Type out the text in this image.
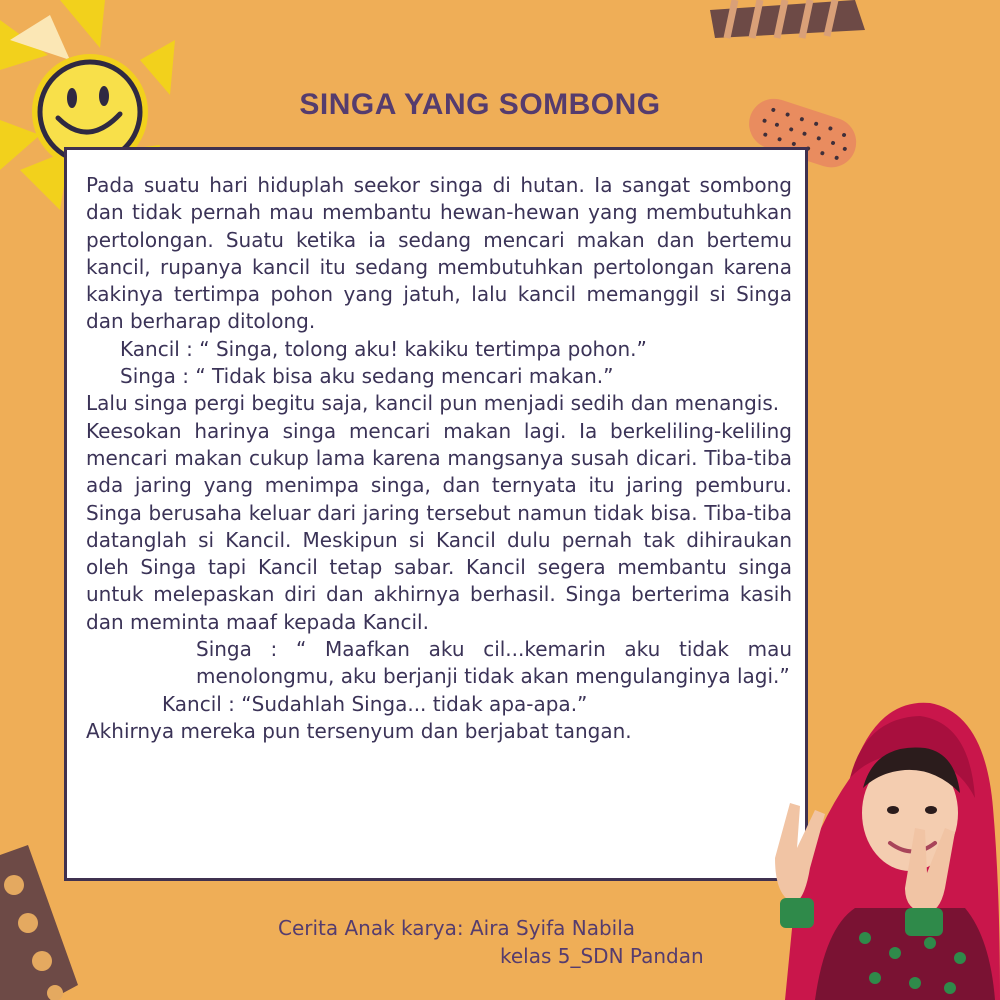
SINGA YANG SOMBONG

Pada suatu hari hiduplah seekor singa di hutan. Ia sangat sombong dan tidak pernah mau membantu hewan-hewan yang membutuhkan pertolongan. Suatu ketika ia sedang mencari makan dan bertemu kancil, rupanya kancil itu sedang membutuhkan pertolongan karena kakinya tertimpa pohon yang jatuh, lalu kancil memanggil si Singa dan berharap ditolong.

Kancil : “ Singa, tolong aku! kakiku tertimpa pohon.”

Singa : “ Tidak bisa aku sedang mencari makan.”

Lalu singa pergi begitu saja, kancil pun menjadi sedih dan menangis.

Keesokan harinya singa mencari makan lagi. Ia berkeliling-keliling mencari makan cukup lama karena mangsanya susah dicari. Tiba-tiba ada jaring yang menimpa singa, dan ternyata itu jaring pemburu. Singa berusaha keluar dari jaring tersebut namun tidak bisa. Tiba-tiba datanglah si Kancil. Meskipun si Kancil dulu pernah tak dihiraukan oleh Singa tapi Kancil tetap sabar. Kancil segera membantu singa untuk melepaskan diri dan akhirnya berhasil. Singa berterima kasih dan meminta maaf kepada Kancil.

Singa : “ Maafkan aku cil...kemarin aku tidak mau menolongmu, aku berjanji tidak akan mengulanginya lagi.”

Kancil : “Sudahlah Singa... tidak apa-apa.”

Akhirnya mereka pun tersenyum dan berjabat tangan.

Cerita Anak karya: Aira Syifa Nabila
kelas 5_SDN Pandan
